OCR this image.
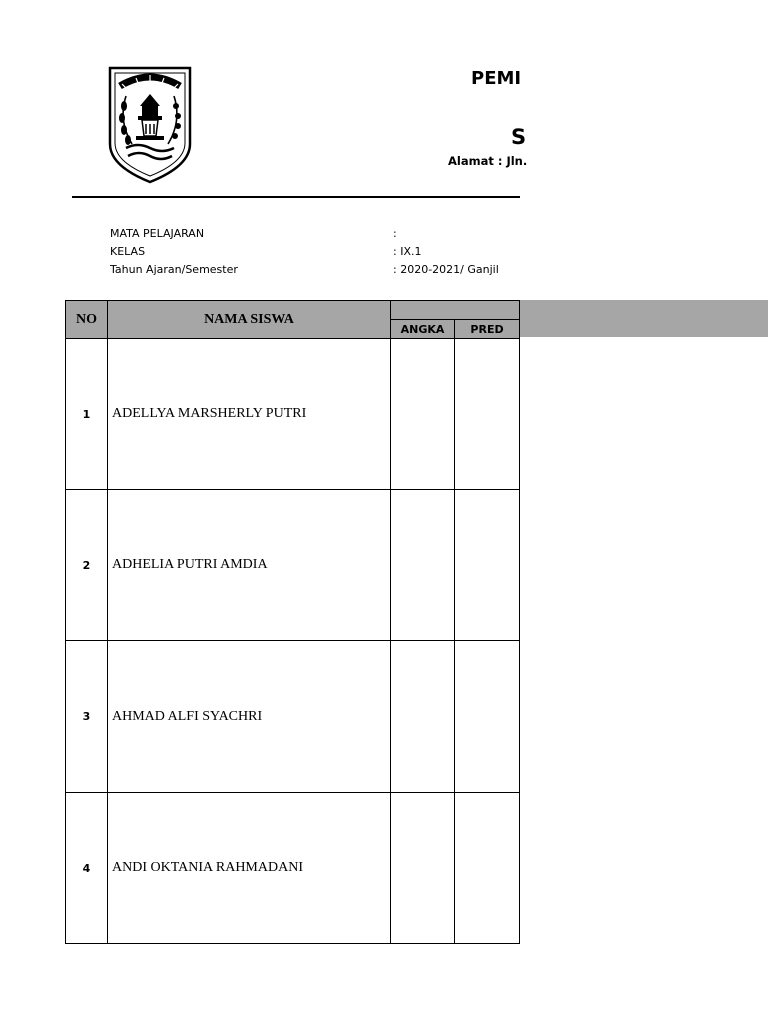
PEMI
S
Alamat : Jln.
MATA PELAJARAN	:
KELAS	: IX.1
Tahun Ajaran/Semester	: 2020-2021/ Ganjil
NO	NAMA SISWA
ANGKA	PRED
1	ADELLYA MARSHERLY PUTRI
2	ADHELIA PUTRI AMDIA
3	AHMAD ALFI SYACHRI
4	ANDI OKTANIA RAHMADANI
